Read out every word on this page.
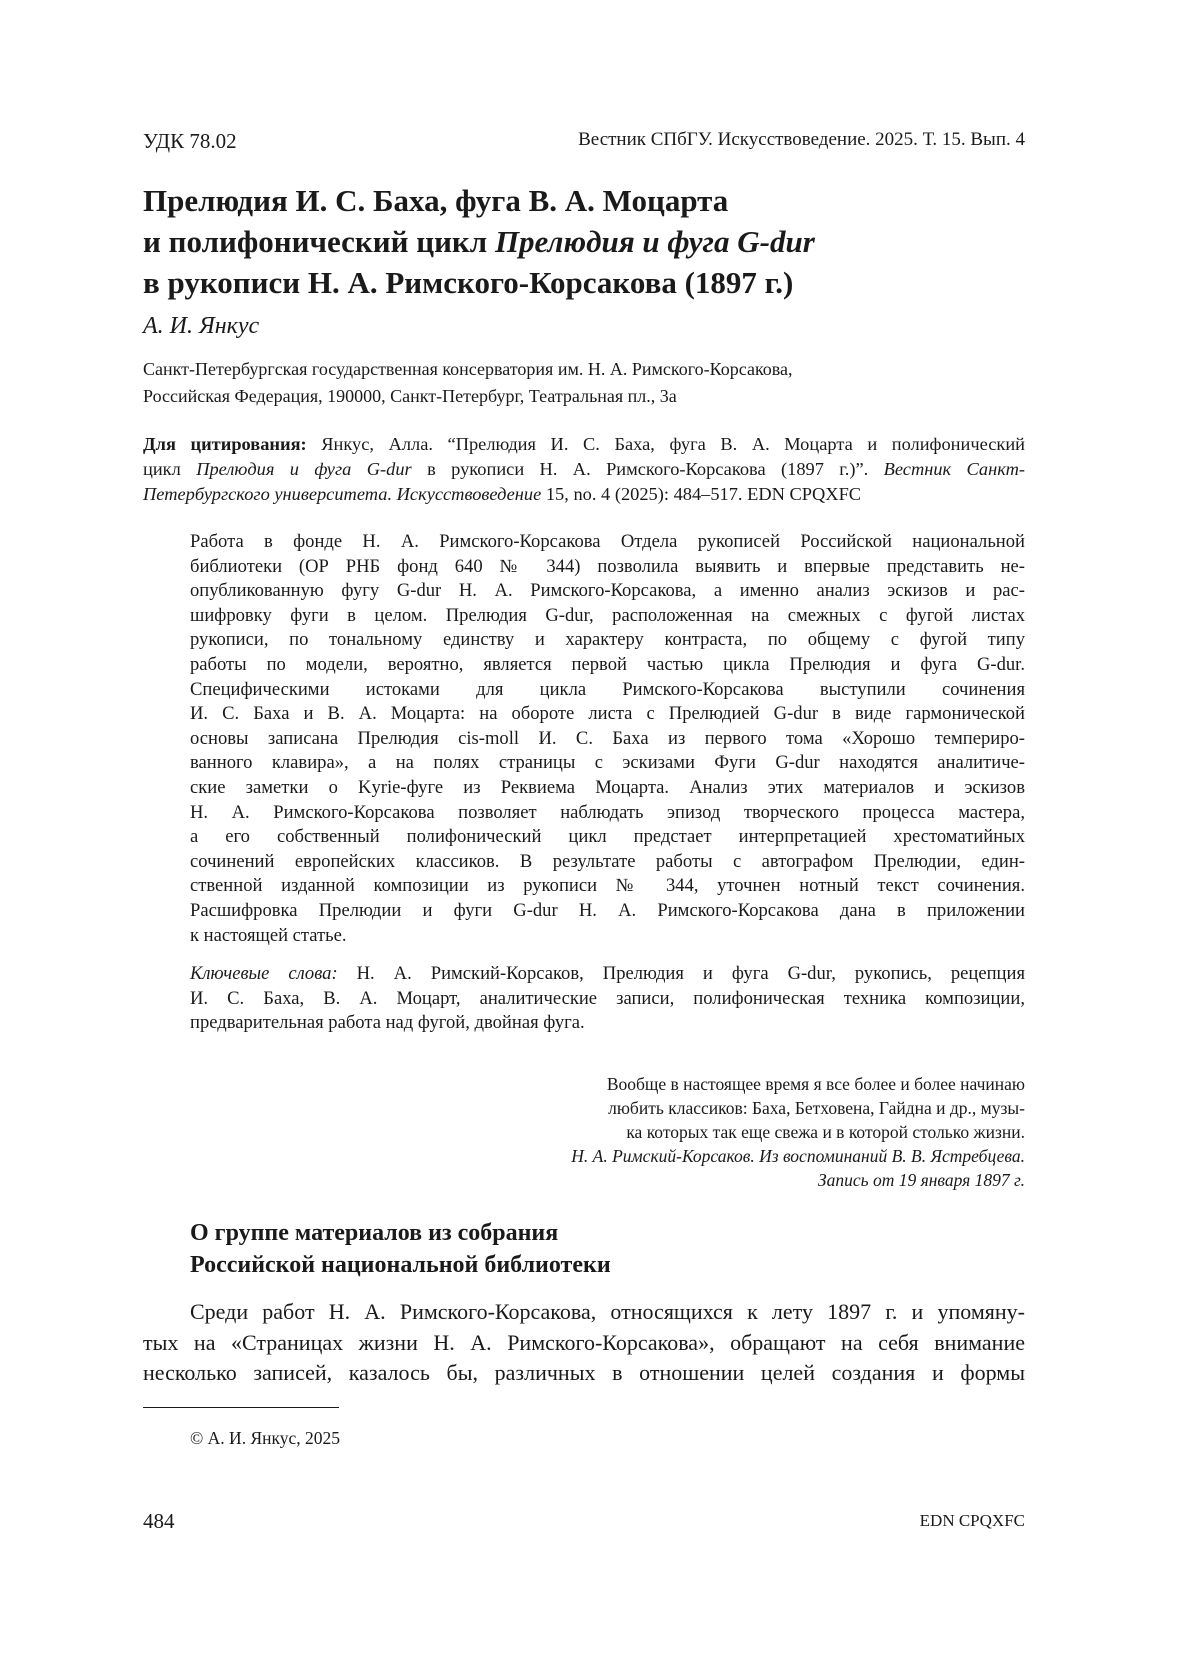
УДК 78.02	Вестник СПбГУ. Искусствоведение. 2025. Т. 15. Вып. 4
Прелюдия И. С. Баха, фуга В. А. Моцарта
и полифонический цикл Прелюдия и фуга G-dur
в рукописи Н. А. Римского-Корсакова (1897 г.)
А. И. Янкус
Санкт-Петербургская государственная консерватория им. Н. А. Римского-Корсакова,
Российская Федерация, 190000, Санкт-Петербург, Театральная пл., 3а
Для цитирования: Янкус, Алла. “Прелюдия И. С. Баха, фуга В. А. Моцарта и полифонический
цикл Прелюдия и фуга G-dur в рукописи Н. А. Римского-Корсакова (1897 г.)”. Вестник Санкт-
Петербургского университета. Искусствоведение 15, no. 4 (2025): 484–517. EDN CPQXFC
Работа в фонде Н. А. Римского-Корсакова Отдела рукописей Российской национальной
библиотеки (ОР РНБ фонд 640 № 344) позволила выявить и впервые представить не-
опубликованную фугу G-dur Н. А. Римского-Корсакова, а именно анализ эскизов и рас-
шифровку фуги в целом. Прелюдия G-dur, расположенная на смежных с фугой листах
рукописи, по тональному единству и характеру контраста, по общему с фугой типу
работы по модели, вероятно, является первой частью цикла Прелюдия и фуга G-dur.
Специфическими истоками для цикла Римского-Корсакова выступили сочинения
И. С. Баха и В. А. Моцарта: на обороте листа с Прелюдией G-dur в виде гармонической
основы записана Прелюдия cis-moll И. С. Баха из первого тома «Хорошо темпериро-
ванного клавира», а на полях страницы с эскизами Фуги G-dur находятся аналитиче-
ские заметки о Kyrie-фуге из Реквиема Моцарта. Анализ этих материалов и эскизов
Н. А. Римского-Корсакова позволяет наблюдать эпизод творческого процесса мастера,
а его собственный полифонический цикл предстает интерпретацией хрестоматийных
сочинений европейских классиков. В результате работы с автографом Прелюдии, един-
ственной изданной композиции из рукописи № 344, уточнен нотный текст сочинения.
Расшифровка Прелюдии и фуги G-dur Н. А. Римского-Корсакова дана в приложении
к настоящей статье.
Ключевые слова: Н. А. Римский-Корсаков, Прелюдия и фуга G-dur, рукопись, рецепция
И. С. Баха, В. А. Моцарт, аналитические записи, полифоническая техника композиции,
предварительная работа над фугой, двойная фуга.
Вообще в настоящее время я все более и более начинаю
любить классиков: Баха, Бетховена, Гайдна и др., музы-
ка которых так еще свежа и в которой столько жизни.
Н. А. Римский-Корсаков. Из воспоминаний В. В. Ястребцева.
Запись от 19 января 1897 г.
О группе материалов из собрания
Российской национальной библиотеки
Среди работ Н. А. Римского-Корсакова, относящихся к лету 1897 г. и упомяну-
тых на «Страницах жизни Н. А. Римского-Корсакова», обращают на себя внимание
несколько записей, казалось бы, различных в отношении целей создания и формы
© А. И. Янкус, 2025
484	EDN CPQXFC
